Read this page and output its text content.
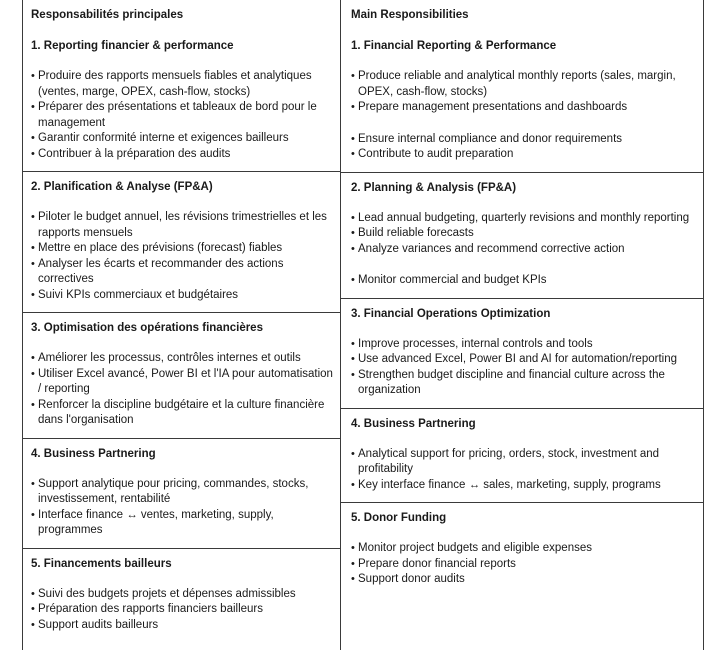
Responsabilités principales
1. Reporting financier & performance
• Produire des rapports mensuels fiables et analytiques (ventes, marge, OPEX, cash-flow, stocks)
• Préparer des présentations et tableaux de bord pour le management
• Garantir conformité interne et exigences bailleurs
• Contribuer à la préparation des audits
2. Planification & Analyse (FP&A)
• Piloter le budget annuel, les révisions trimestrielles et les rapports mensuels
• Mettre en place des prévisions (forecast) fiables
• Analyser les écarts et recommander des actions correctives
• Suivi KPIs commerciaux et budgétaires
3. Optimisation des opérations financières
• Améliorer les processus, contrôles internes et outils
• Utiliser Excel avancé, Power BI et l'IA pour automatisation / reporting
• Renforcer la discipline budgétaire et la culture financière dans l'organisation
4. Business Partnering
• Support analytique pour pricing, commandes, stocks, investissement, rentabilité
• Interface finance ↔ ventes, marketing, supply, programmes
5. Financements bailleurs
• Suivi des budgets projets et dépenses admissibles
• Préparation des rapports financiers bailleurs
• Support audits bailleurs
Main Responsibilities
1. Financial Reporting & Performance
• Produce reliable and analytical monthly reports (sales, margin, OPEX, cash-flow, stocks)
• Prepare management presentations and dashboards
• Ensure internal compliance and donor requirements
• Contribute to audit preparation
2. Planning & Analysis (FP&A)
• Lead annual budgeting, quarterly revisions and monthly reporting
• Build reliable forecasts
• Analyze variances and recommend corrective action
• Monitor commercial and budget KPIs
3. Financial Operations Optimization
• Improve processes, internal controls and tools
• Use advanced Excel, Power BI and AI for automation/reporting
• Strengthen budget discipline and financial culture across the organization
4. Business Partnering
• Analytical support for pricing, orders, stock, investment and profitability
• Key interface finance ↔ sales, marketing, supply, programs
5. Donor Funding
• Monitor project budgets and eligible expenses
• Prepare donor financial reports
• Support donor audits
